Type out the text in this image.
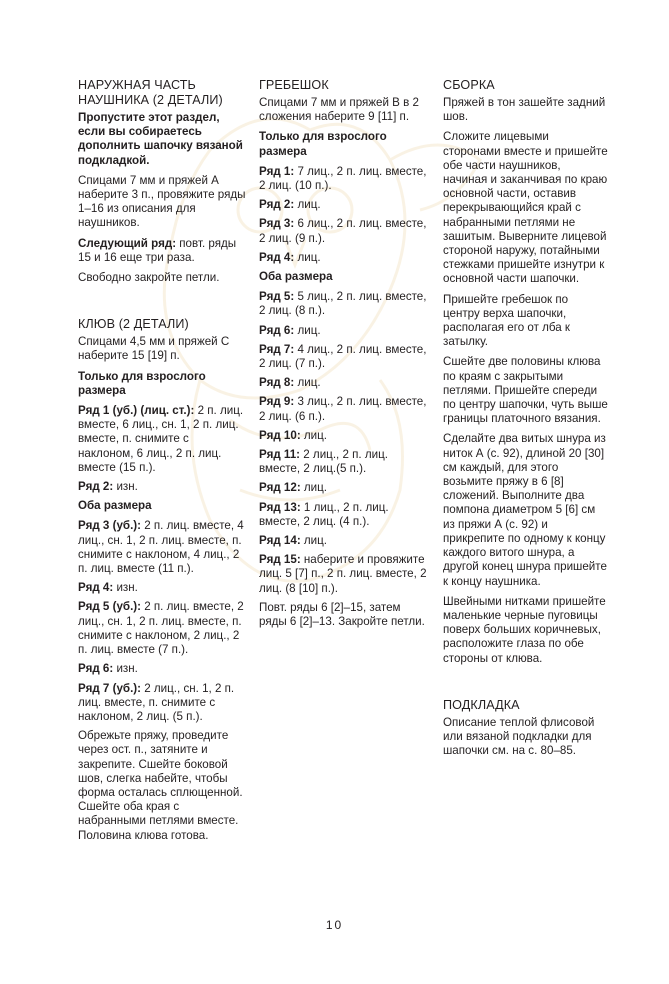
НАРУЖНАЯ ЧАСТЬ НАУШНИКА (2 ДЕТАЛИ)

Пропустите этот раздел, если вы собираетесь дополнить шапочку вязаной подкладкой.

Спицами 7 мм и пряжей А наберите 3 п., провяжите ряды 1–16 из описания для наушников.

Следующий ряд: повт. ряды 15 и 16 еще три раза.

Свободно закройте петли.

КЛЮВ (2 ДЕТАЛИ)

Спицами 4,5 мм и пряжей С наберите 15 [19] п.

Только для взрослого размера

Ряд 1 (уб.) (лиц. ст.): 2 п. лиц. вместе, 6 лиц., сн. 1, 2 п. лиц. вместе, п. снимите с наклоном, 6 лиц., 2 п. лиц. вместе (15 п.).

Ряд 2: изн.

Оба размера

Ряд 3 (уб.): 2 п. лиц. вместе, 4 лиц., сн. 1, 2 п. лиц. вместе, п. снимите с наклоном, 4 лиц., 2 п. лиц. вместе (11 п.).

Ряд 4: изн.

Ряд 5 (уб.): 2 п. лиц. вместе, 2 лиц., сн. 1, 2 п. лиц. вместе, п. снимите с наклоном, 2 лиц., 2 п. лиц. вместе (7 п.).

Ряд 6: изн.

Ряд 7 (уб.): 2 лиц., сн. 1, 2 п. лиц. вместе, п. снимите с наклоном, 2 лиц. (5 п.).

Обрежьте пряжу, проведите через ост. п., затяните и закрепите. Сшейте боковой шов, слегка набейте, чтобы форма осталась сплющенной. Сшейте оба края с набранными петлями вместе. Половина клюва готова.

ГРЕБЕШОК

Спицами 7 мм и пряжей В в 2 сложения наберите 9 [11] п.

Только для взрослого размера

Ряд 1: 7 лиц., 2 п. лиц. вместе, 2 лиц. (10 п.).

Ряд 2: лиц.

Ряд 3: 6 лиц., 2 п. лиц. вместе, 2 лиц. (9 п.).

Ряд 4: лиц.

Оба размера

Ряд 5: 5 лиц., 2 п. лиц. вместе, 2 лиц. (8 п.).

Ряд 6: лиц.

Ряд 7: 4 лиц., 2 п. лиц. вместе, 2 лиц. (7 п.).

Ряд 8: лиц.

Ряд 9: 3 лиц., 2 п. лиц. вместе, 2 лиц. (6 п.).

Ряд 10: лиц.

Ряд 11: 2 лиц., 2 п. лиц. вместе, 2 лиц.(5 п.).

Ряд 12: лиц.

Ряд 13: 1 лиц., 2 п. лиц. вместе, 2 лиц. (4 п.).

Ряд 14: лиц.

Ряд 15: наберите и провяжите лиц. 5 [7] п., 2 п. лиц. вместе, 2 лиц. (8 [10] п.).

Повт. ряды 6 [2]–15, затем ряды 6 [2]–13. Закройте петли.

СБОРКА

Пряжей в тон зашейте задний шов.

Сложите лицевыми сторонами вместе и пришейте обе части наушников, начиная и заканчивая по краю основной части, оставив перекрывающийся край с набранными петлями не зашитым. Выверните лицевой стороной наружу, потайными стежками пришейте изнутри к основной части шапочки.

Пришейте гребешок по центру верха шапочки, располагая его от лба к затылку.

Сшейте две половины клюва по краям с закрытыми петлями. Пришейте спереди по центру шапочки, чуть выше границы платочного вязания.

Сделайте два витых шнура из ниток А (с. 92), длиной 20 [30] см каждый, для этого возьмите пряжу в 6 [8] сложений. Выполните два помпона диаметром 5 [6] см из пряжи А (с. 92) и прикрепите по одному к концу каждого витого шнура, а другой конец шнура пришейте к концу наушника.

Швейными нитками пришейте маленькие черные пуговицы поверх больших коричневых, расположите глаза по обе стороны от клюва.

ПОДКЛАДКА

Описание теплой флисовой или вязаной подкладки для шапочки см. на с. 80–85.

10
